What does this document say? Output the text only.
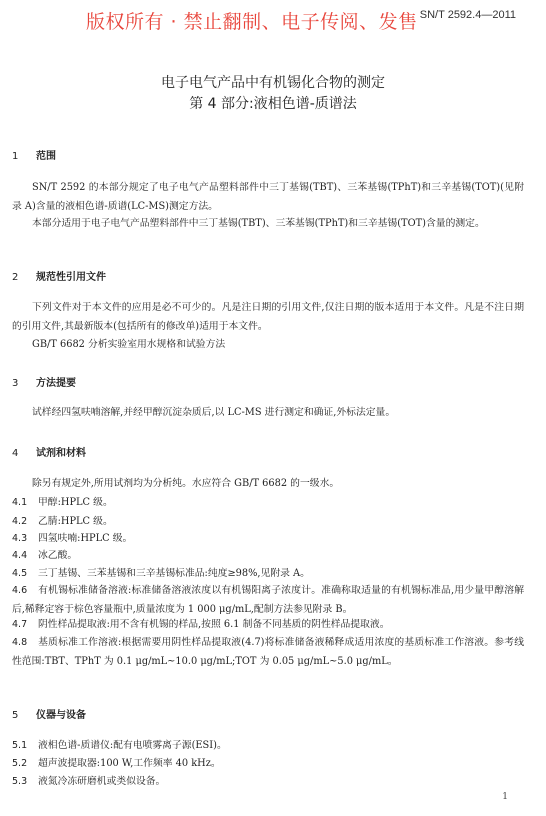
版权所有 · 禁止翻制、电子传阅、发售 SN/T 2592.4—2011
电子电气产品中有机锡化合物的测定
第 4 部分:液相色谱-质谱法
1 范围
SN/T 2592 的本部分规定了电子电气产品塑料部件中三丁基锡(TBT)、三苯基锡(TPhT)和三辛基锡(TOT)(见附录 A)含量的液相色谱-质谱(LC-MS)测定方法。
本部分适用于电子电气产品塑料部件中三丁基锡(TBT)、三苯基锡(TPhT)和三辛基锡(TOT)含量的测定。
2 规范性引用文件
下列文件对于本文件的应用是必不可少的。凡是注日期的引用文件,仅注日期的版本适用于本文件。凡是不注日期的引用文件,其最新版本(包括所有的修改单)适用于本文件。
GB/T 6682 分析实验室用水规格和试验方法
3 方法提要
试样经四氢呋喃溶解,并经甲醇沉淀杂质后,以 LC-MS 进行测定和确证,外标法定量。
4 试剂和材料
除另有规定外,所用试剂均为分析纯。水应符合 GB/T 6682 的一级水。
4.1 甲醇:HPLC 级。
4.2 乙腈:HPLC 级。
4.3 四氢呋喃:HPLC 级。
4.4 冰乙酸。
4.5 三丁基锡、三苯基锡和三辛基锡标准品:纯度≥98%,见附录 A。
4.6 有机锡标准储备溶液:标准储备溶液浓度以有机锡阳离子浓度计。准确称取适量的有机锡标准品,用少量甲醇溶解后,稀释定容于棕色容量瓶中,质量浓度为 1 000 μg/mL,配制方法参见附录 B。
4.7 阴性样品提取液:用不含有机锡的样品,按照 6.1 制备不同基质的阴性样品提取液。
4.8 基质标准工作溶液:根据需要用阴性样品提取液(4.7)将标准储备液稀释成适用浓度的基质标准工作溶液。参考线性范围:TBT、TPhT 为 0.1 μg/mL~10.0 μg/mL;TOT 为 0.05 μg/mL~5.0 μg/mL。
5 仪器与设备
5.1 液相色谱-质谱仪:配有电喷雾离子源(ESI)。
5.2 超声波提取器:100 W,工作频率 40 kHz。
5.3 液氮冷冻研磨机或类似设备。
1
